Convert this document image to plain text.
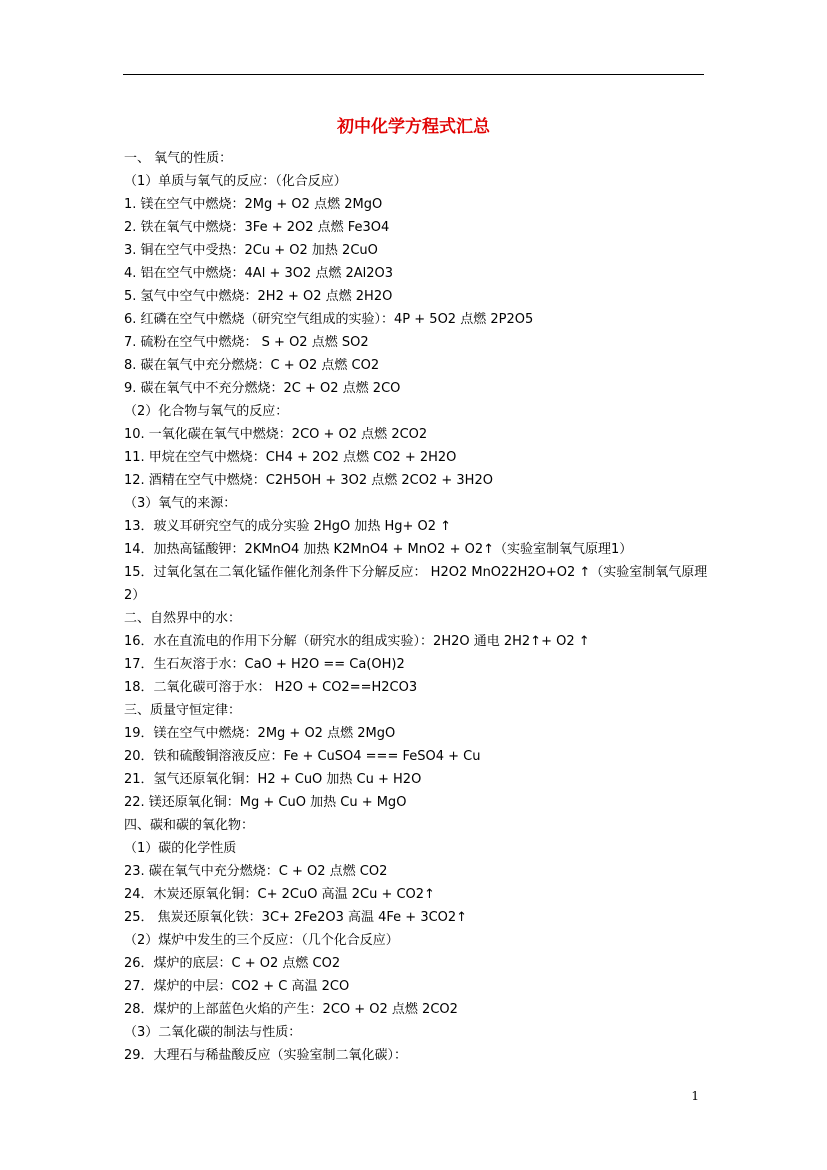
初中化学方程式汇总
一、 氧气的性质：
（1）单质与氧气的反应：（化合反应）
1. 镁在空气中燃烧：2Mg + O2 点燃 2MgO
2. 铁在氧气中燃烧：3Fe + 2O2 点燃 Fe3O4
3. 铜在空气中受热：2Cu + O2 加热 2CuO
4. 铝在空气中燃烧：4Al + 3O2 点燃 2Al2O3
5. 氢气中空气中燃烧：2H2 + O2 点燃 2H2O
6. 红磷在空气中燃烧（研究空气组成的实验）：4P + 5O2 点燃 2P2O5
7. 硫粉在空气中燃烧： S + O2 点燃 SO2
8. 碳在氧气中充分燃烧：C + O2 点燃 CO2
9. 碳在氧气中不充分燃烧：2C + O2 点燃 2CO
（2）化合物与氧气的反应：
10. 一氧化碳在氧气中燃烧：2CO + O2 点燃 2CO2
11. 甲烷在空气中燃烧：CH4 + 2O2 点燃 CO2 + 2H2O
12. 酒精在空气中燃烧：C2H5OH + 3O2 点燃 2CO2 + 3H2O
（3）氧气的来源：
13．玻义耳研究空气的成分实验 2HgO 加热 Hg+ O2 ↑
14．加热高锰酸钾：2KMnO4 加热 K2MnO4 + MnO2 + O2↑（实验室制氧气原理1）
15．过氧化氢在二氧化锰作催化剂条件下分解反应： H2O2 MnO22H2O+O2 ↑（实验室制氧气原理 2）
二、自然界中的水：
16．水在直流电的作用下分解（研究水的组成实验）：2H2O 通电 2H2↑+ O2 ↑
17．生石灰溶于水：CaO + H2O == Ca(OH)2
18．二氧化碳可溶于水： H2O + CO2==H2CO3
三、质量守恒定律：
19．镁在空气中燃烧：2Mg + O2 点燃 2MgO
20．铁和硫酸铜溶液反应：Fe + CuSO4 === FeSO4 + Cu
21．氢气还原氧化铜：H2 + CuO 加热 Cu + H2O
22. 镁还原氧化铜：Mg + CuO 加热 Cu + MgO
四、碳和碳的氧化物：
（1）碳的化学性质
23. 碳在氧气中充分燃烧：C + O2 点燃 CO2
24．木炭还原氧化铜：C+ 2CuO 高温 2Cu + CO2↑
25． 焦炭还原氧化铁：3C+ 2Fe2O3 高温 4Fe + 3CO2↑
（2）煤炉中发生的三个反应：（几个化合反应）
26．煤炉的底层：C + O2 点燃 CO2
27．煤炉的中层：CO2 + C 高温 2CO
28．煤炉的上部蓝色火焰的产生：2CO + O2 点燃 2CO2
（3）二氧化碳的制法与性质：
29．大理石与稀盐酸反应（实验室制二氧化碳）：
1
